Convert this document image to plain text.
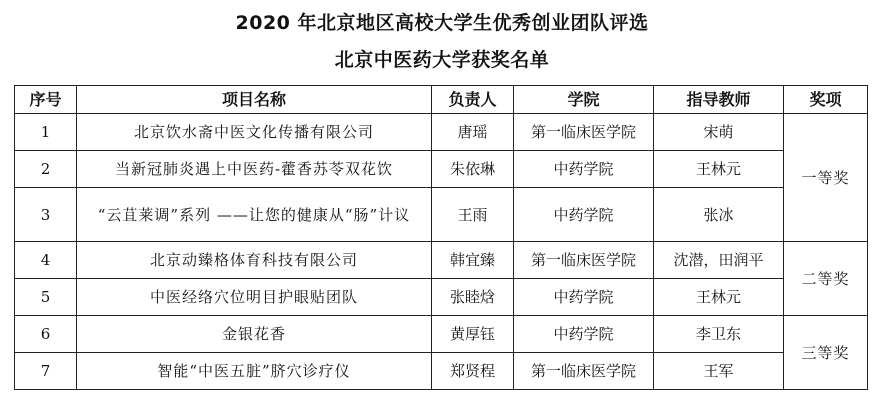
2020 年北京地区高校大学生优秀创业团队评选
北京中医药大学获奖名单
序号	项目名称	负责人	学院	指导教师	奖项
1	北京饮水斋中医文化传播有限公司	唐瑶	第一临床医学院	宋萌	一等奖
2	当新冠肺炎遇上中医药-藿香苏苓双花饮	朱依琳	中药学院	王林元	
3	“云苴莱调”系列 ——让您的健康从“肠”计议	王雨	中药学院	张冰	
4	北京动臻格体育科技有限公司	韩宜臻	第一临床医学院	沈潜，田润平	二等奖
5	中医经络穴位明目护眼贴团队	张睦焓	中药学院	王林元	
6	金银花香	黄厚钰	中药学院	李卫东	三等奖
7	智能“中医五脏”脐穴诊疗仪	郑贤程	第一临床医学院	王军	
